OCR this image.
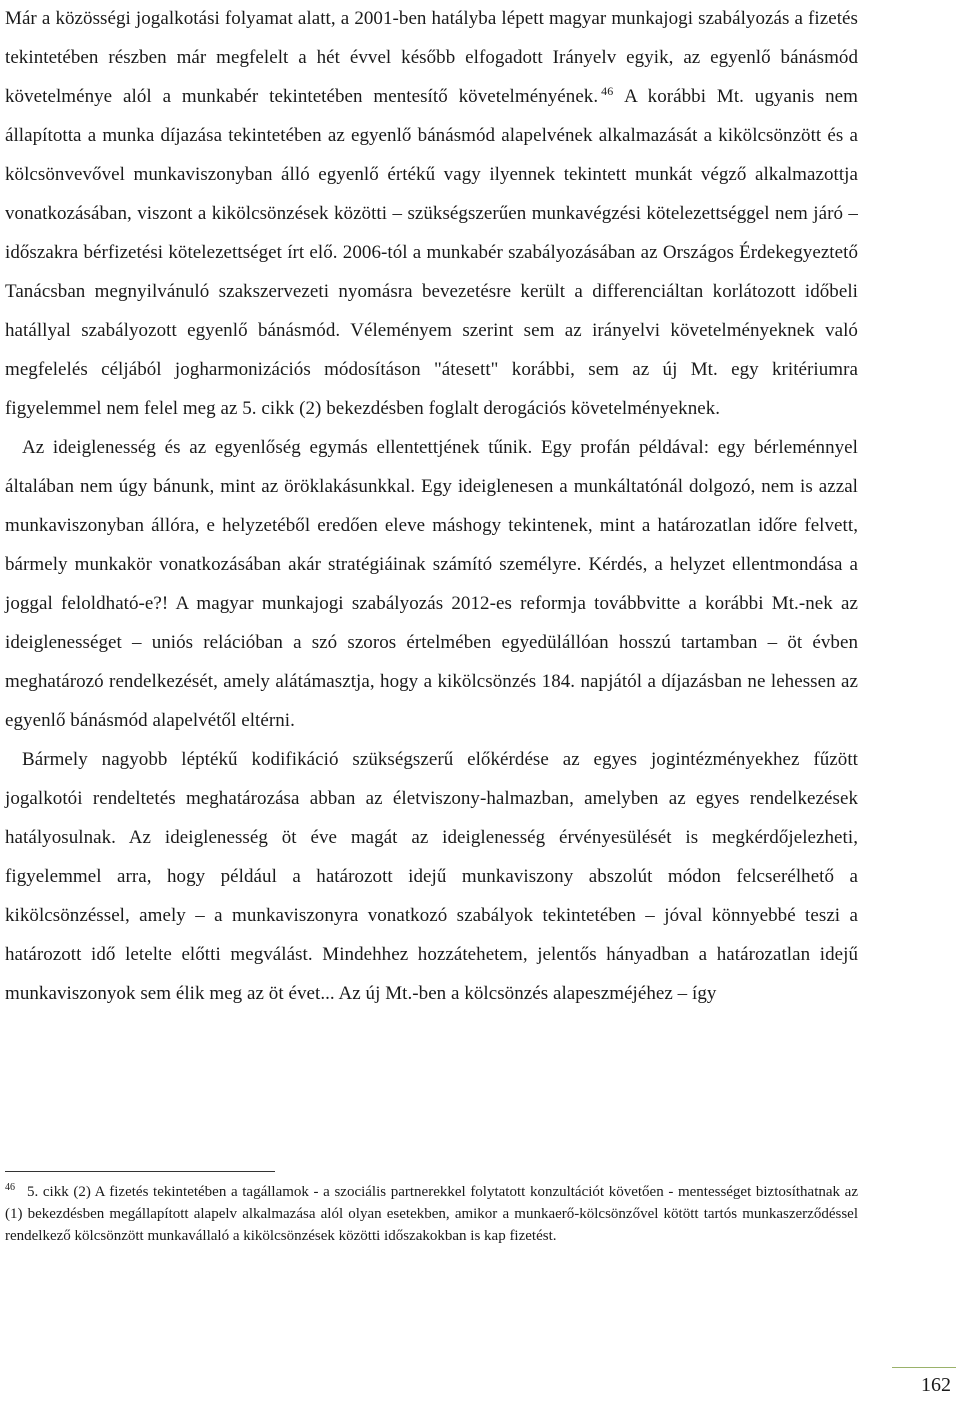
Már a közösségi jogalkotási folyamat alatt, a 2001-ben hatályba lépett magyar munkajogi szabályozás a fizetés tekintetében részben már megfelelt a hét évvel később elfogadott Irányelv egyik, az egyenlő bánásmód követelménye alól a munkabér tekintetében mentesítő követelményének. $^{46}$ A korábbi Mt. ugyanis nem állapította a munka díjazása tekintetében az egyenlő bánásmód alapelvének alkalmazását a kikölcsönzött és a kölcsönvevővel munkaviszonyban álló egyenlő értékű vagy ilyennek tekintett munkát végző alkalmazottja vonatkozásában, viszont a kikölcsönzések közötti – szükségszerűen munkavégzési kötelezettséggel nem járó – időszakra bérfizetési kötelezettséget írt elő. 2006-tól a munkabér szabályozásában az Országos Érdekegyeztető Tanácsban megnyilvánuló szakszervezeti nyomásra bevezetésre került a differenciáltan korlátozott időbeli hatállyal szabályozott egyenlő bánásmód. Véleményem szerint sem az irányelvi követelményeknek való megfelelés céljából jogharmonizációs módosításon "átesett" korábbi, sem az új Mt. egy kritériumra figyelemmel nem felel meg az 5. cikk (2) bekezdésben foglalt derogációs követelményeknek.

Az ideiglenesség és az egyenlőség egymás ellentettjének tűnik. Egy profán példával: egy bérleménnyel általában nem úgy bánunk, mint az öröklakásunkkal. Egy ideiglenesen a munkáltatónál dolgozó, nem is azzal munkaviszonyban állóra, e helyzetéből eredően eleve máshogy tekintenek, mint a határozatlan időre felvett, bármely munkakör vonatkozásában akár stratégiáinak számító személyre. Kérdés, a helyzet ellentmondása a joggal feloldható-e?! A magyar munkajogi szabályozás 2012-es reformja továbbvitte a korábbi Mt.-nek az ideiglenességet – uniós relációban a szó szoros értelmében egyedülállóan hosszú tartamban – öt évben meghatározó rendelkezését, amely alátámasztja, hogy a kikölcsönzés 184. napjától a díjazásban ne lehessen az egyenlő bánásmód alapelvétől eltérni.

Bármely nagyobb léptékű kodifikáció szükségszerű előkérdése az egyes jogintézményekhez fűzött jogalkotói rendeltetés meghatározása abban az életviszony-halmazban, amelyben az egyes rendelkezések hatályosulnak. Az ideiglenesség öt éve magát az ideiglenesség érvényesülését is megkérdőjelezheti, figyelemmel arra, hogy például a határozott idejű munkaviszony abszolút módon felcserélhető a kikölcsönzéssel, amely – a munkaviszonyra vonatkozó szabályok tekintetében – jóval könnyebbé teszi a határozott idő letelte előtti megválást. Mindehhez hozzátehetem, jelentős hányadban a határozatlan idejű munkaviszonyok sem élik meg az öt évet... Az új Mt.-ben a kölcsönzés alapeszméjéhez – így

$^{46}$ 5. cikk (2) A fizetés tekintetében a tagállamok - a szociális partnerekkel folytatott konzultációt követően - mentességet biztosíthatnak az (1) bekezdésben megállapított alapelv alkalmazása alól olyan esetekben, amikor a munkaerő-kölcsönzővel kötött tartós munkaszerződéssel rendelkező kölcsönzött munkavállaló a kikölcsönzések közötti időszakokban is kap fizetést.

162
